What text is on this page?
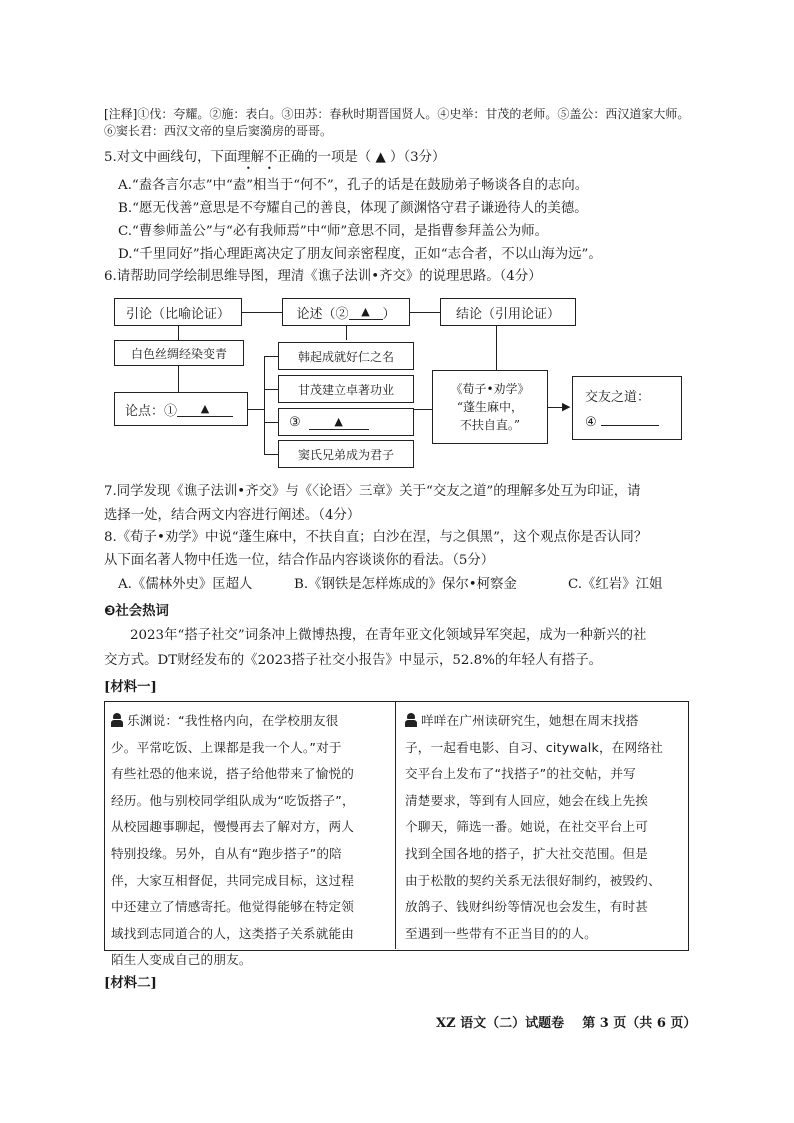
[注释]①伐：夸耀。②施：表白。③田苏：春秋时期晋国贤人。④史举：甘茂的老师。⑤盖公：西汉道家大师。
⑥窦长君：西汉文帝的皇后窦漪房的哥哥。
5.对文中画线句，下面理解不正确的一项是（ ▲ ）（3分）
• •
A.“盍各言尔志”中“盍”相当于“何不”，孔子的话是在鼓励弟子畅谈各自的志向。
B.“愿无伐善”意思是不夸耀自己的善良，体现了颜渊恪守君子谦逊待人的美德。
C.“曹参师盖公”与“必有我师焉”中“师”意思不同，是指曹参拜盖公为师。
D.“千里同好”指心理距离决定了朋友间亲密程度，正如“志合者，不以山海为远”。
6.请帮助同学绘制思维导图，理清《谯子法训•齐交》的说理思路。（4分）
引论（比喻论证）	论述（②	▲ ）	结论（引用论证）
白色丝绸经染变青
论点：①	▲
韩起成就好仁之名
甘茂建立卓著功业
③	▲
窦氏兄弟成为君子
《荀子•劝学》
“蓬生麻中，
不扶自直。”
▶
交友之道：
④
7.同学发现《谯子法训•齐交》与《〈论语〉三章》关于“交友之道”的理解多处互为印证，请
选择一处，结合两文内容进行阐述。（4分）
8.《荀子•劝学》中说“蓬生麻中，不扶自直；白沙在涅，与之俱黑”，这个观点你是否认同？
从下面名著人物中任选一位，结合作品内容谈谈你的看法。（5分）
A.《儒林外史》匡超人	B.《钢铁是怎样炼成的》保尔•柯察金	C.《红岩》江姐
❸社会热词
2023年“搭子社交”词条冲上微博热搜，在青年亚文化领域异军突起，成为一种新兴的社
交方式。DT财经发布的《2023搭子社交小报告》中显示，52.8%的年轻人有搭子。
[材料一]
乐渊说：“我性格内向，在学校朋友很
少。平常吃饭、上课都是我一个人。”对于
有些社恐的他来说，搭子给他带来了愉悦的
经历。他与别校同学组队成为“吃饭搭子”，
从校园趣事聊起，慢慢再去了解对方，两人
特别投缘。另外，自从有“跑步搭子”的陪
伴，大家互相督促，共同完成目标，这过程
中还建立了情感寄托。他觉得能够在特定领
域找到志同道合的人，这类搭子关系就能由
陌生人变成自己的朋友。
咩咩在广州读研究生，她想在周末找搭
子，一起看电影、自习、citywalk，在网络社
交平台上发布了“找搭子”的社交帖，并写
清楚要求，等到有人回应，她会在线上先挨
个聊天，筛选一番。她说，在社交平台上可
找到全国各地的搭子，扩大社交范围。但是
由于松散的契约关系无法很好制约，被毁约、
放鸽子、钱财纠纷等情况也会发生，有时甚
至遇到一些带有不正当目的的人。
[材料二]
XZ 语文（二）试题卷    第 3 页（共 6 页）
